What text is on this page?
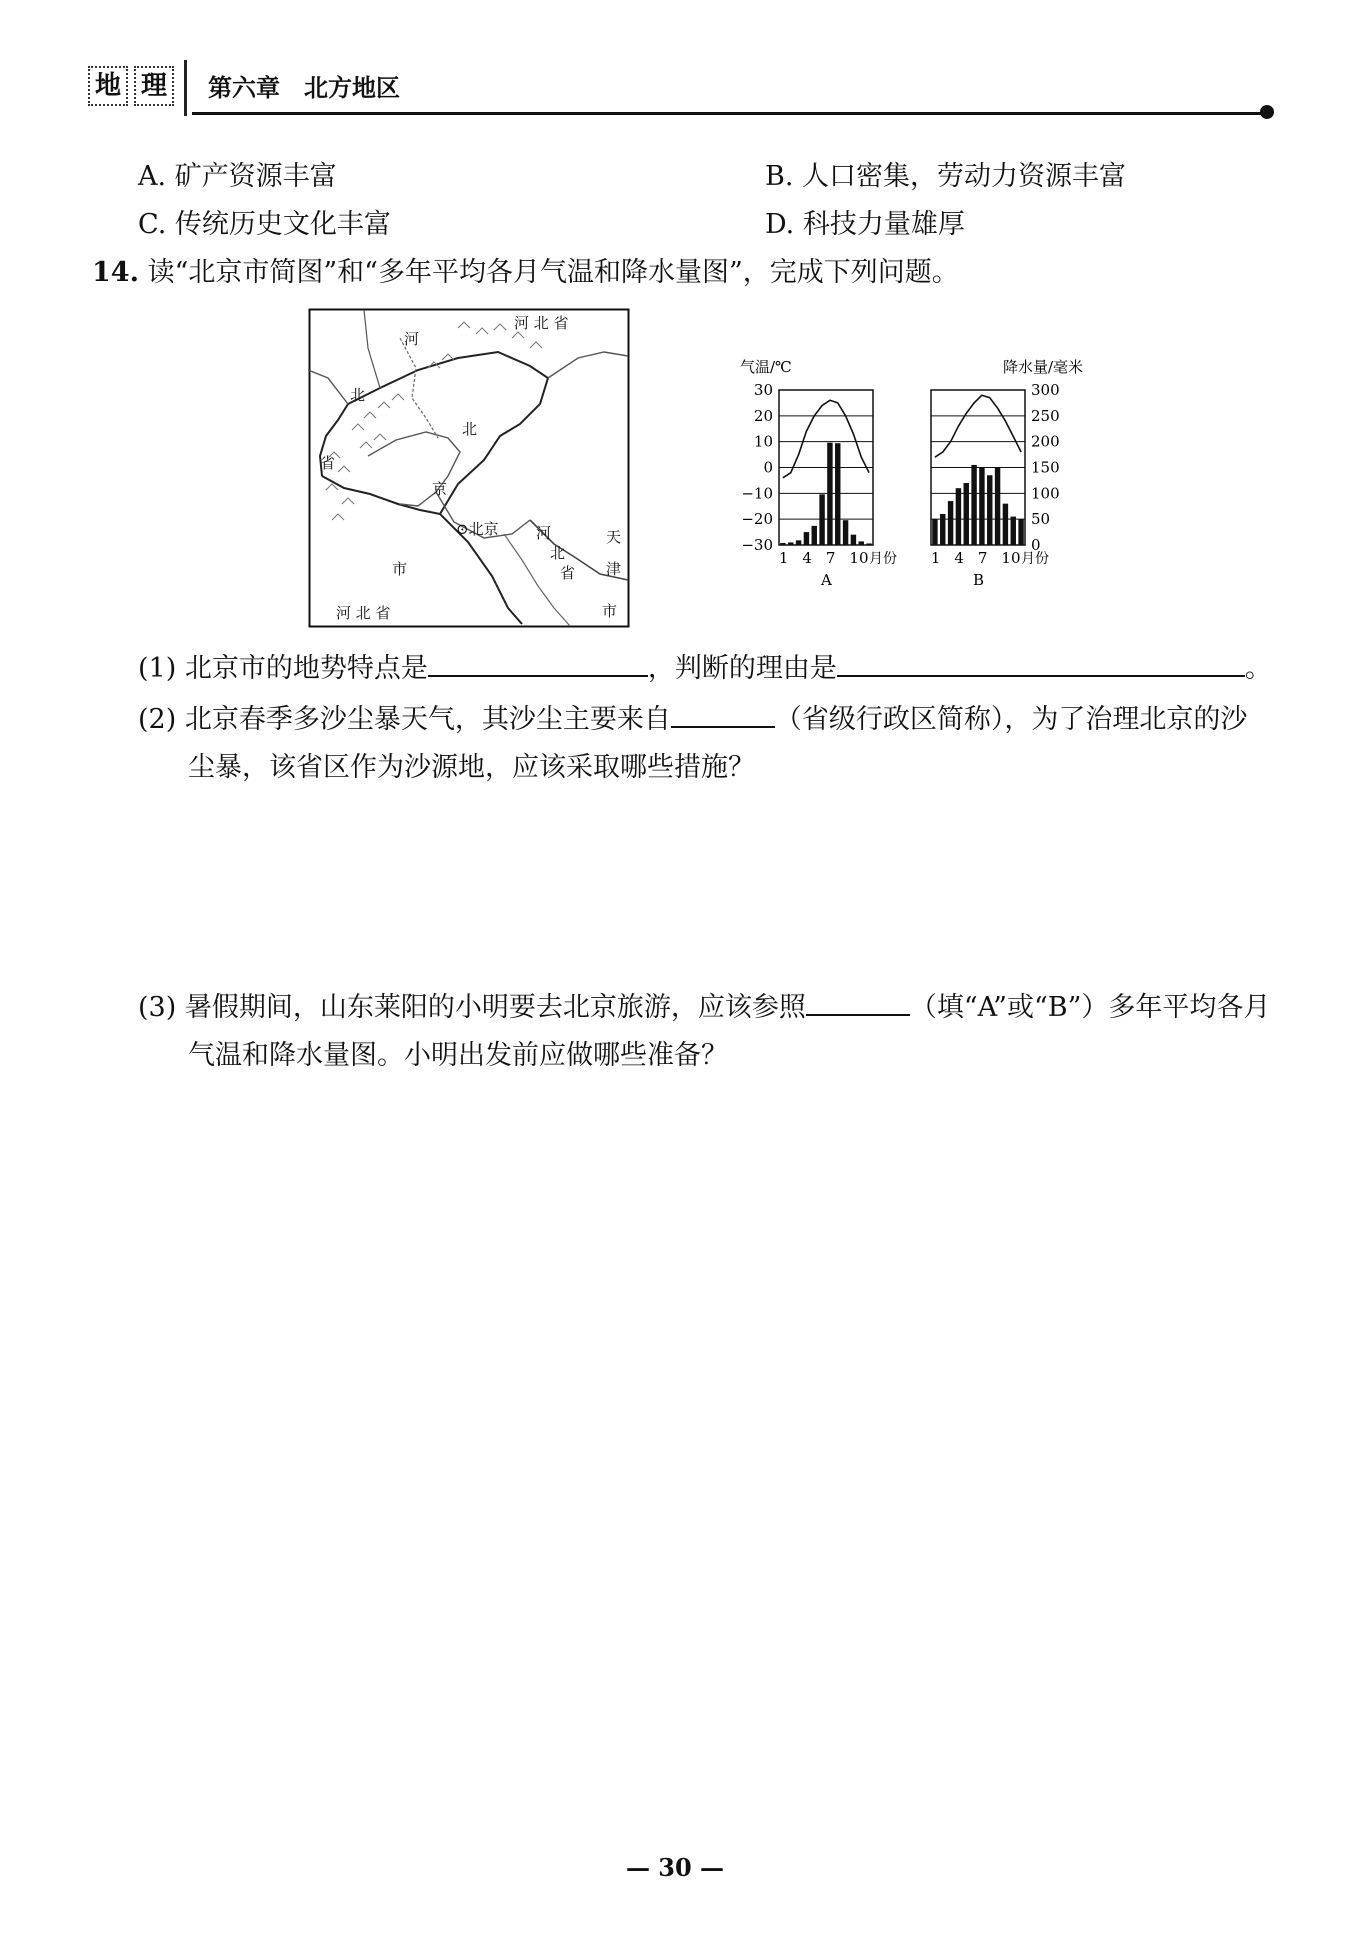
地 理 第六章　北方地区
A. 矿产资源丰富	B. 人口密集，劳动力资源丰富
C. 传统历史文化丰富	D. 科技力量雄厚
14. 读“北京市简图”和“多年平均各月气温和降水量图”，完成下列问题。
河
河 北 省
北
省
北
京
市
⊙北京 河
北
省
天
津
市
河 北 省
气温/℃	降水量/毫米
1 4 7 10 月份
A
30
20
10
0
−10
−20
−30
1 4 7 10 月份
B
300
250
200
150
100
50
0
(1) 北京市的地势特点是	，判断的理由是	。
(2) 北京春季多沙尘暴天气，其沙尘主要来自	（省级行政区简称），为了治理北京的沙
尘暴，该省区作为沙源地，应该采取哪些措施？
(3) 暑假期间，山东莱阳的小明要去北京旅游，应该参照	（填“A”或“B”）多年平均各月
气温和降水量图。小明出发前应做哪些准备？
— 30 —
